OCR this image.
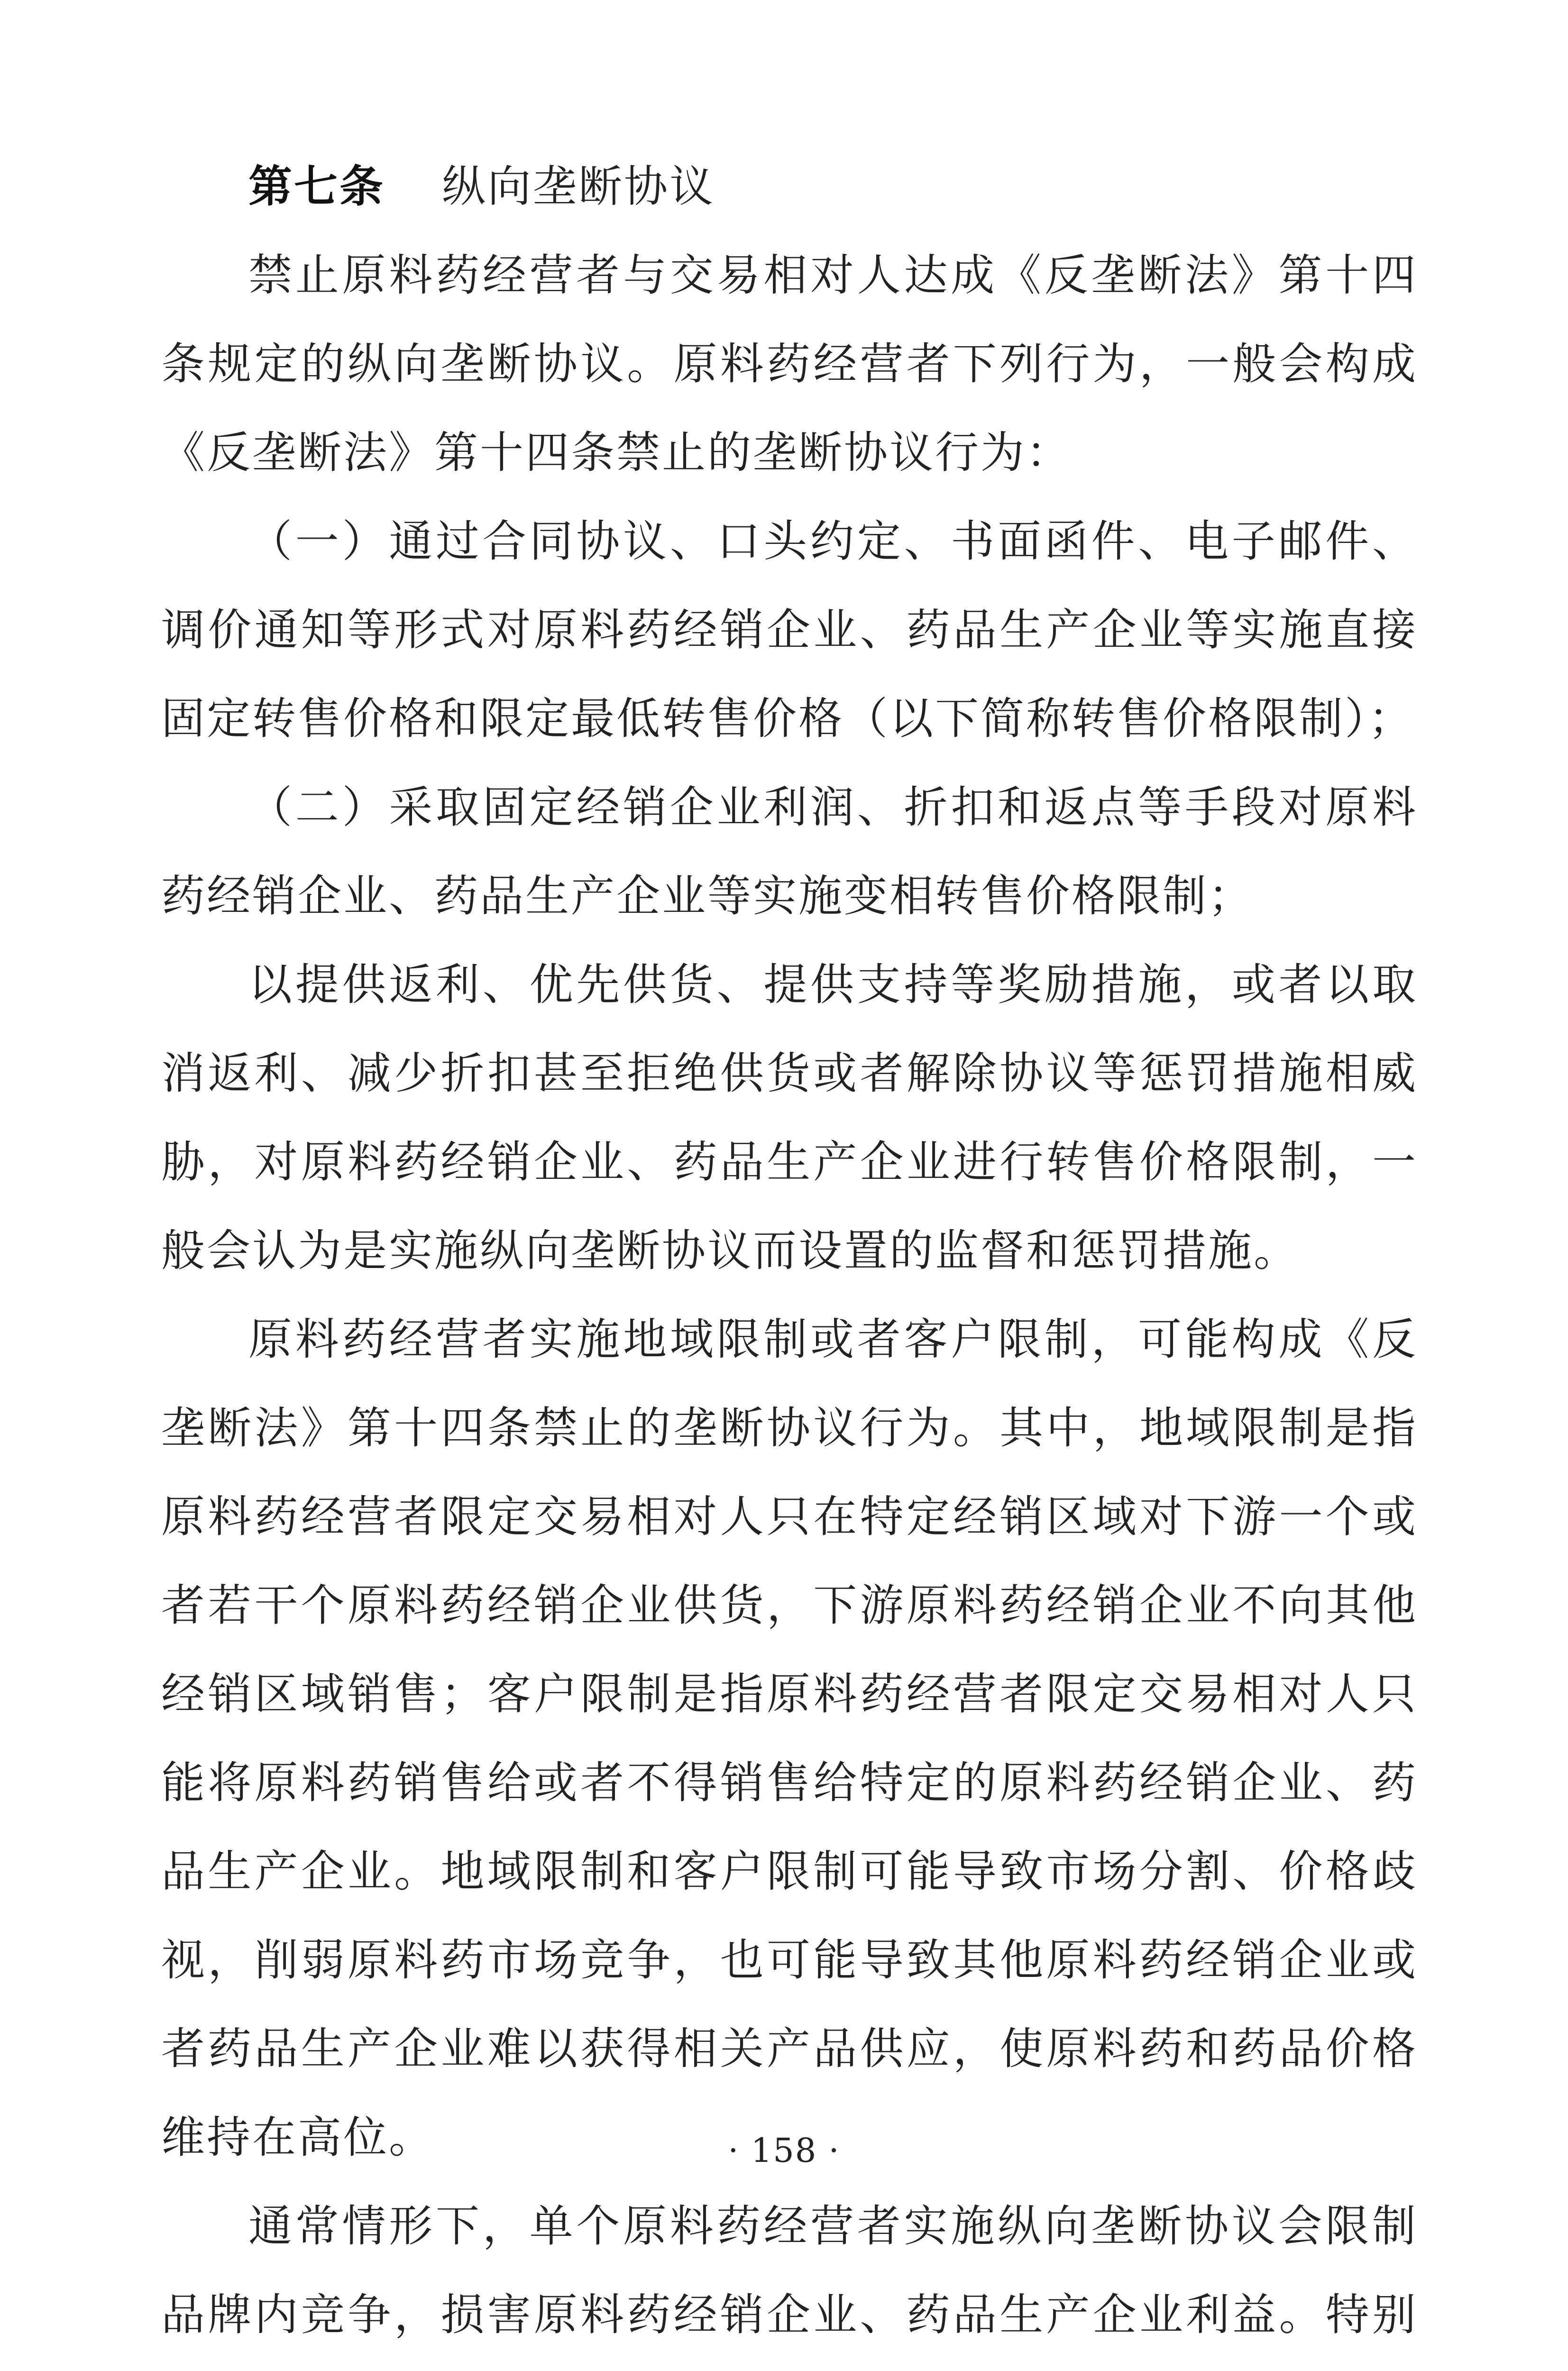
第七条 纵向垄断协议

禁止原料药经营者与交易相对人达成《反垄断法》第十四条规定的纵向垄断协议。原料药经营者下列行为，一般会构成《反垄断法》第十四条禁止的垄断协议行为：

（一）通过合同协议、口头约定、书面函件、电子邮件、调价通知等形式对原料药经销企业、药品生产企业等实施直接固定转售价格和限定最低转售价格（以下简称转售价格限制）；

（二）采取固定经销企业利润、折扣和返点等手段对原料药经销企业、药品生产企业等实施变相转售价格限制；

以提供返利、优先供货、提供支持等奖励措施，或者以取消返利、减少折扣甚至拒绝供货或者解除协议等惩罚措施相威胁，对原料药经销企业、药品生产企业进行转售价格限制，一般会认为是实施纵向垄断协议而设置的监督和惩罚措施。

原料药经营者实施地域限制或者客户限制，可能构成《反垄断法》第十四条禁止的垄断协议行为。其中，地域限制是指原料药经营者限定交易相对人只在特定经销区域对下游一个或者若干个原料药经销企业供货，下游原料药经销企业不向其他经销区域销售；客户限制是指原料药经营者限定交易相对人只能将原料药销售给或者不得销售给特定的原料药经销企业、药品生产企业。地域限制和客户限制可能导致市场分割、价格歧视，削弱原料药市场竞争，也可能导致其他原料药经销企业或者药品生产企业难以获得相关产品供应，使原料药和药品价格维持在高位。

通常情形下，单个原料药经营者实施纵向垄断协议会限制品牌内竞争，损害原料药经销企业、药品生产企业利益。特别

· 158 ·
